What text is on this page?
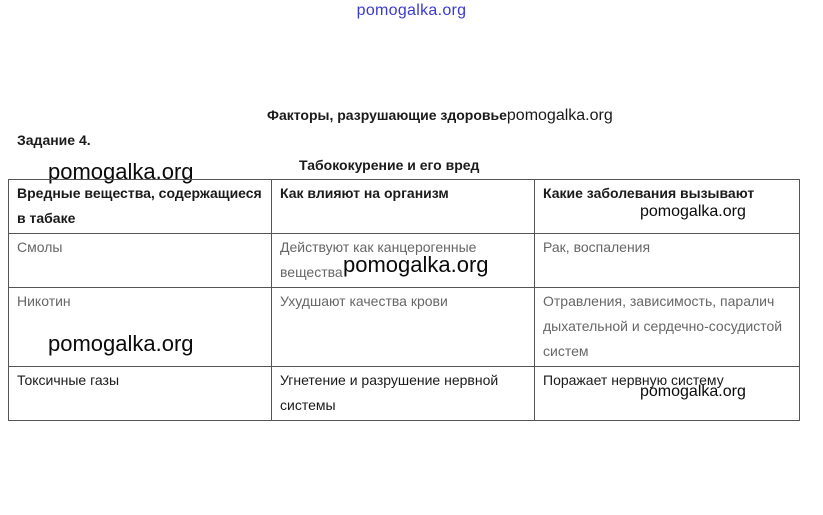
pomogalka.org
Факторы, разрушающие здоровьеpomogalka.org
Задание 4.
Табококурение и его вред
pomogalka.org
Вредные вещества, содержащиеся в табаке	Как влияют на организм	Какие заболевания вызывают
Смолы	Действуют как канцерогенные вещества	Рак, воспаления
Никотин	Ухудшают качества крови	Отравления, зависимость, паралич дыхательной и сердечно-сосудистой систем
Токсичные газы	Угнетение и разрушение нервной системы	Поражает нервную систему
pomogalka.org
pomogalka.org
pomogalka.org
pomogalka.org
